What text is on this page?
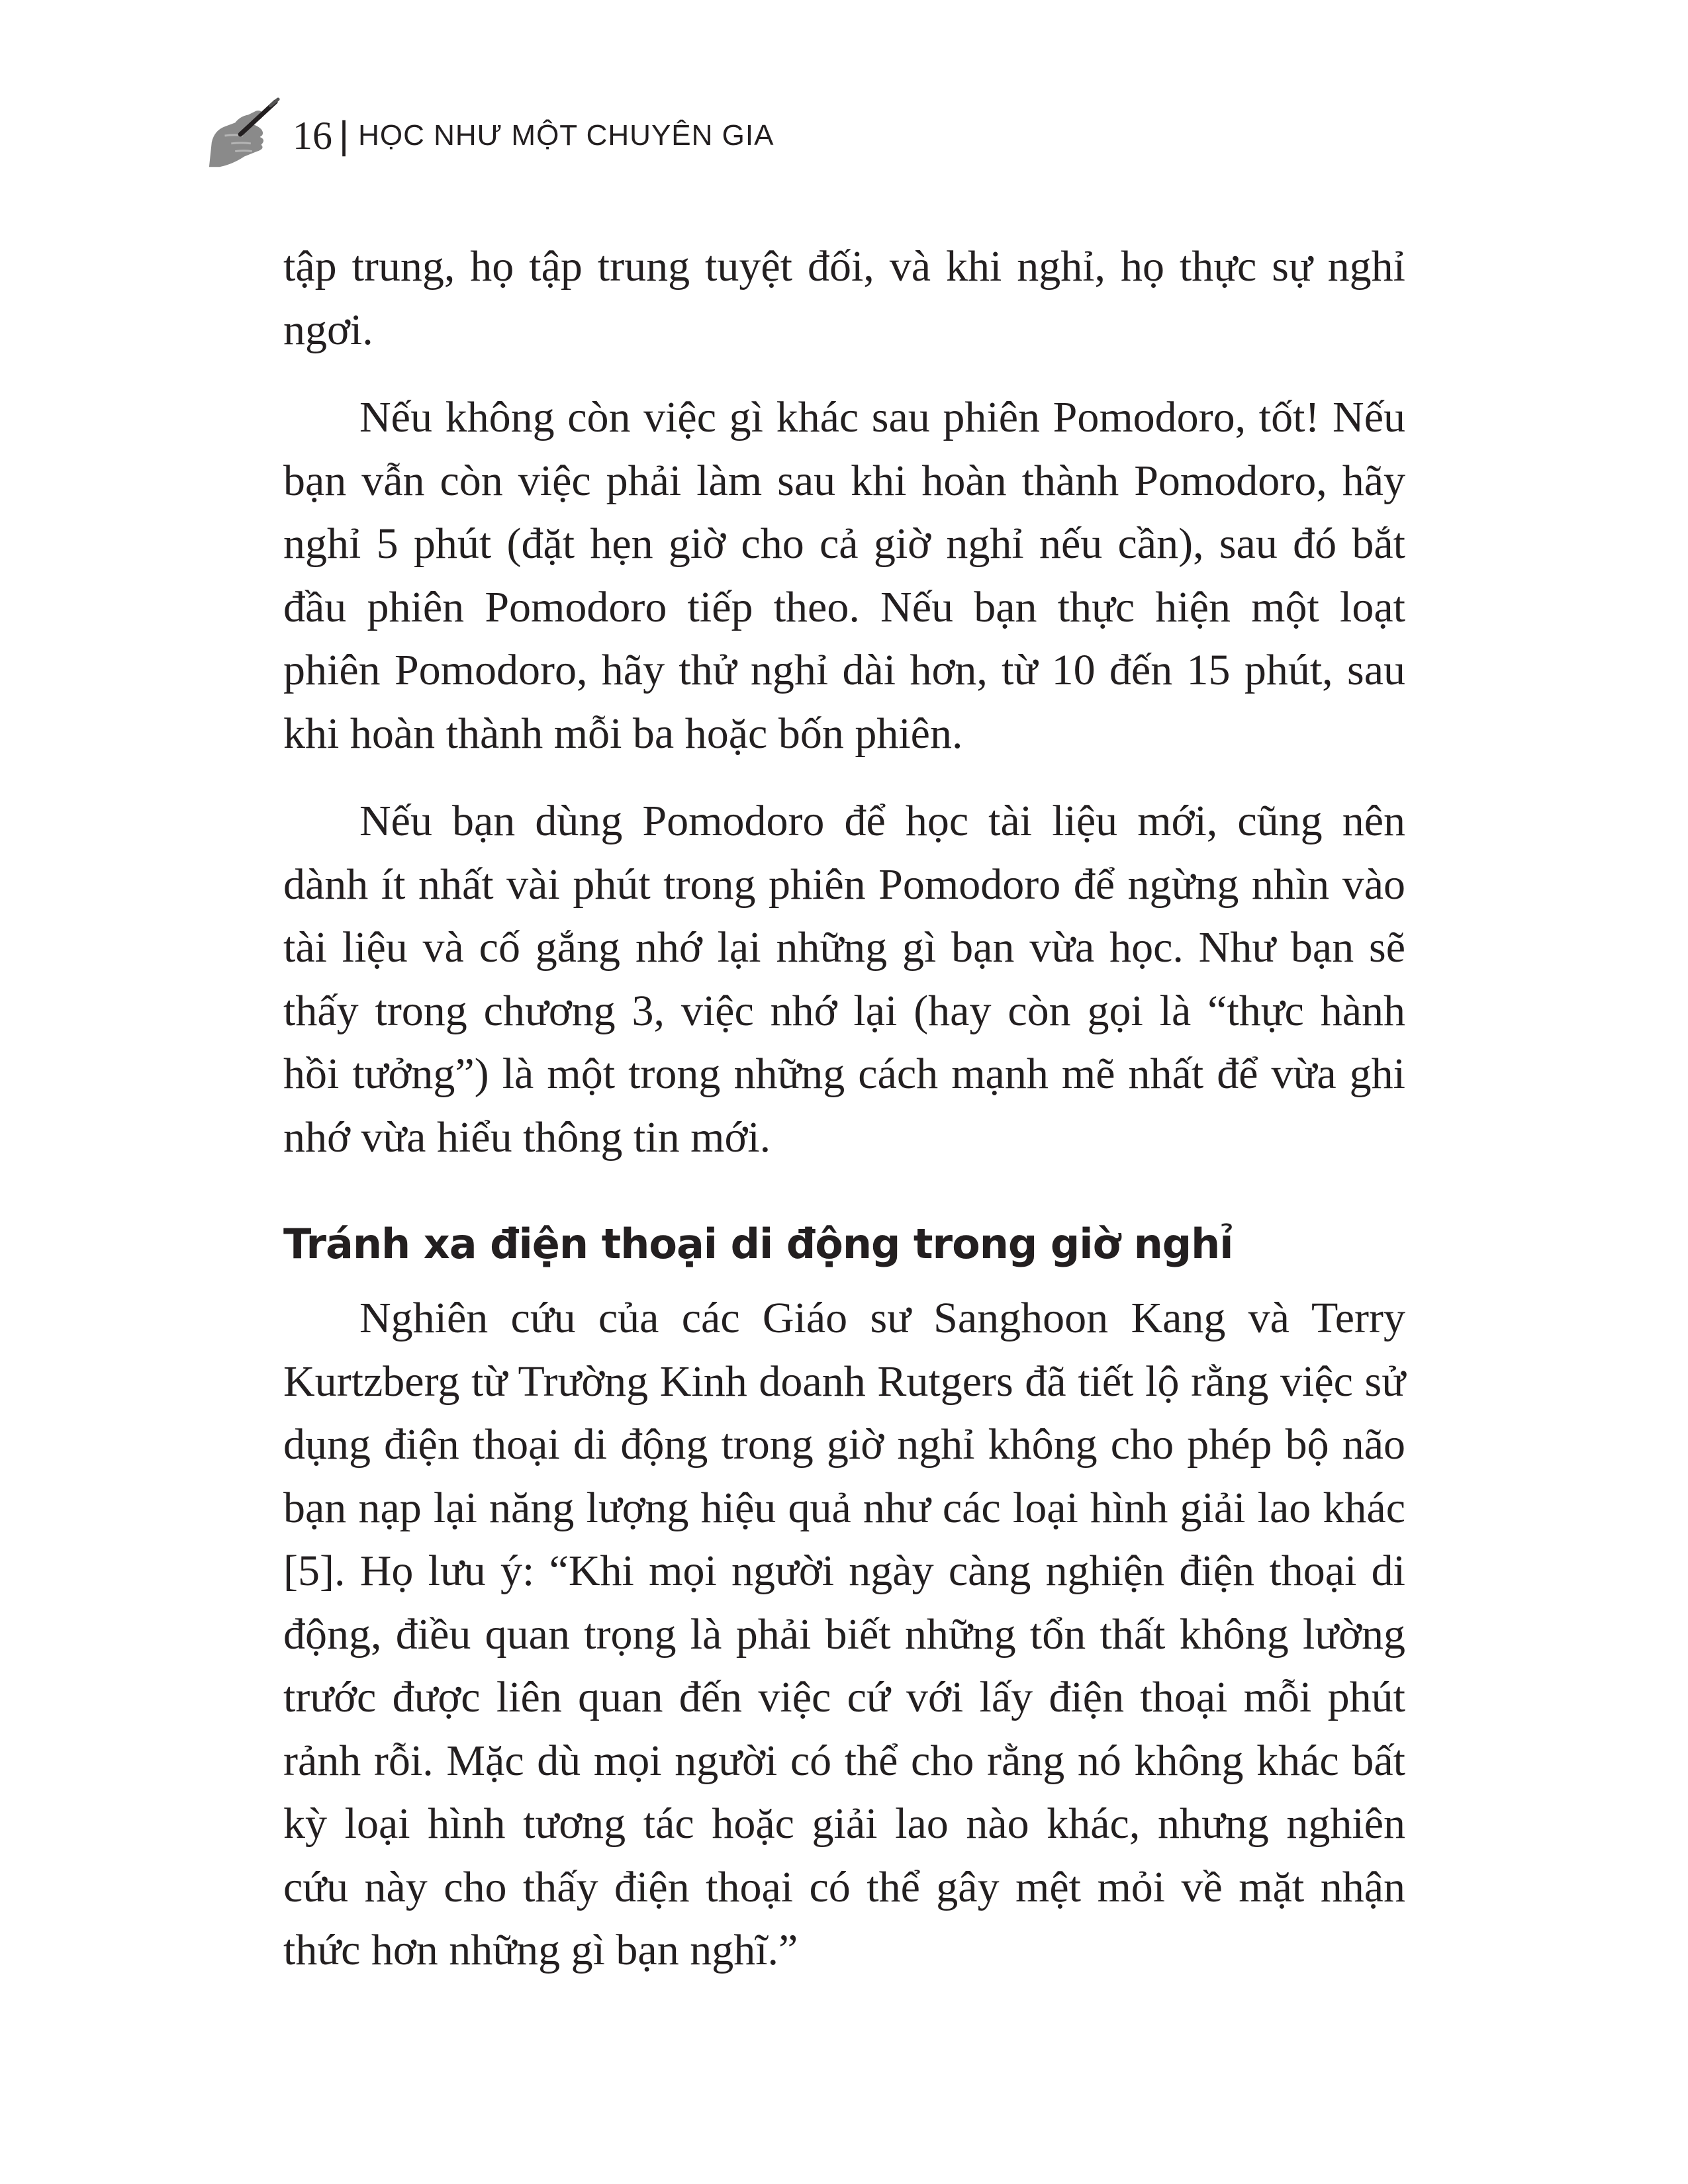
16 | HỌC NHƯ MỘT CHUYÊN GIA

tập trung, họ tập trung tuyệt đối, và khi nghỉ, họ thực sự nghỉ ngơi.

Nếu không còn việc gì khác sau phiên Pomodoro, tốt! Nếu bạn vẫn còn việc phải làm sau khi hoàn thành Pomodoro, hãy nghỉ 5 phút (đặt hẹn giờ cho cả giờ nghỉ nếu cần), sau đó bắt đầu phiên Pomodoro tiếp theo. Nếu bạn thực hiện một loạt phiên Pomodoro, hãy thử nghỉ dài hơn, từ 10 đến 15 phút, sau khi hoàn thành mỗi ba hoặc bốn phiên.

Nếu bạn dùng Pomodoro để học tài liệu mới, cũng nên dành ít nhất vài phút trong phiên Pomodoro để ngừng nhìn vào tài liệu và cố gắng nhớ lại những gì bạn vừa học. Như bạn sẽ thấy trong chương 3, việc nhớ lại (hay còn gọi là “thực hành hồi tưởng”) là một trong những cách mạnh mẽ nhất để vừa ghi nhớ vừa hiểu thông tin mới.

Tránh xa điện thoại di động trong giờ nghỉ

Nghiên cứu của các Giáo sư Sanghoon Kang và Terry Kurtzberg từ Trường Kinh doanh Rutgers đã tiết lộ rằng việc sử dụng điện thoại di động trong giờ nghỉ không cho phép bộ não bạn nạp lại năng lượng hiệu quả như các loại hình giải lao khác [5]. Họ lưu ý: “Khi mọi người ngày càng nghiện điện thoại di động, điều quan trọng là phải biết những tổn thất không lường trước được liên quan đến việc cứ với lấy điện thoại mỗi phút rảnh rỗi. Mặc dù mọi người có thể cho rằng nó không khác bất kỳ loại hình tương tác hoặc giải lao nào khác, nhưng nghiên cứu này cho thấy điện thoại có thể gây mệt mỏi về mặt nhận thức hơn những gì bạn nghĩ.”
